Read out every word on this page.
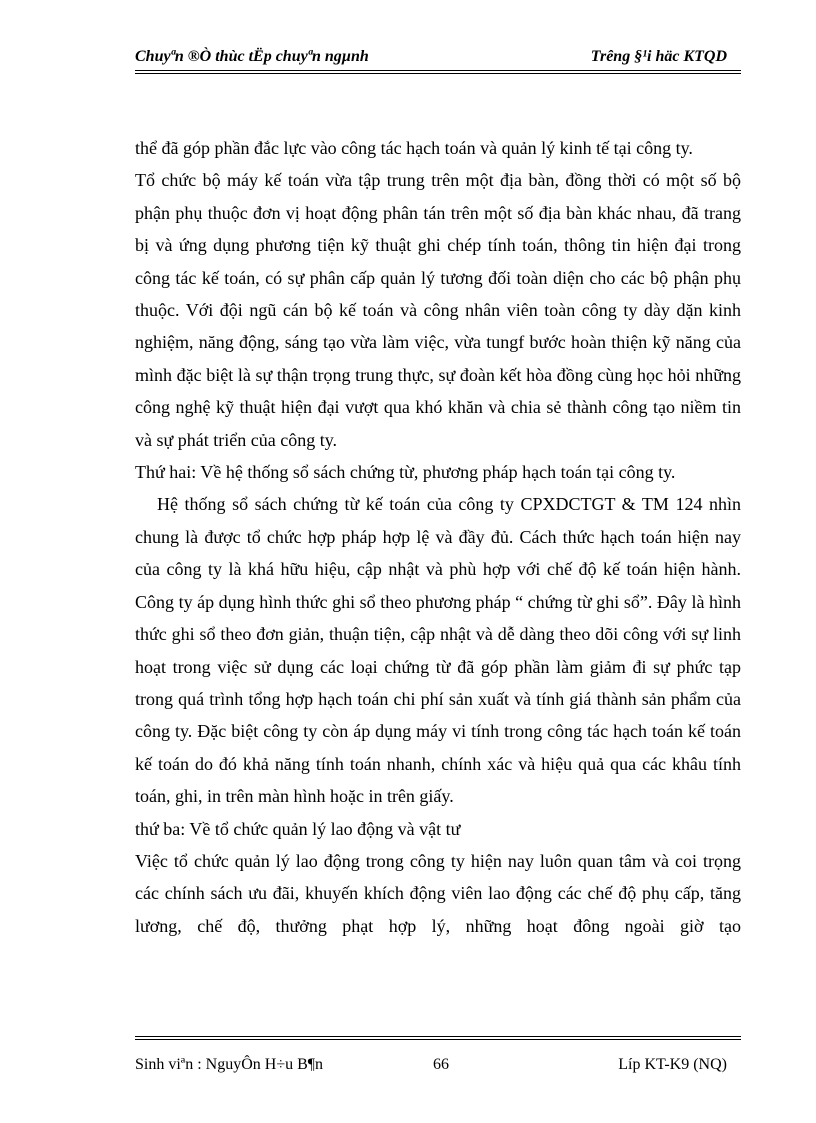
Chuyªn ®Ò thùc tËp chuyªn ngµnh	Trêng §¹i häc KTQD

thể đã góp phần đắc lực vào công tác hạch toán và quản lý kinh tế tại công ty.

Tổ chức bộ máy kế toán vừa tập trung trên một địa bàn, đồng thời có một số bộ phận phụ thuộc đơn vị hoạt động phân tán trên một số địa bàn khác nhau, đã trang bị và ứng dụng phương tiện kỹ thuật ghi chép tính toán, thông tin hiện đại trong công tác kế toán, có sự phân cấp quản lý tương đối toàn diện cho các bộ phận phụ thuộc. Với đội ngũ cán bộ kế toán và công nhân viên toàn công ty dày dặn kinh nghiệm, năng động, sáng tạo vừa làm việc, vừa tungf bước hoàn thiện kỹ năng của mình đặc biệt là sự thận trọng trung thực, sự đoàn kết hòa đồng cùng học hỏi những công nghệ kỹ thuật hiện đại vượt qua khó khăn và chia sẻ thành công tạo niềm tin và sự phát triển của công ty.

Thứ hai: Về hệ thống sổ sách chứng từ, phương pháp hạch toán tại công ty.

Hệ thống sổ sách chứng từ kế toán của công ty CPXDCTGT & TM 124 nhìn chung là được tổ chức hợp pháp hợp lệ và đầy đủ. Cách thức hạch toán hiện nay của công ty là khá hữu hiệu, cập nhật và phù hợp với chế độ kế toán hiện hành. Công ty áp dụng hình thức ghi sổ theo phương pháp “ chứng từ ghi sổ”. Đây là hình thức ghi sổ theo đơn giản, thuận tiện, cập nhật và dễ dàng theo dõi công với sự linh hoạt trong việc sử dụng các loại chứng từ đã góp phần làm giảm đi sự phức tạp trong quá trình tổng hợp hạch toán chi phí sản xuất và tính giá thành sản phẩm của công ty. Đặc biệt công ty còn áp dụng máy vi tính trong công tác hạch toán kế toán kế toán do đó khả năng tính toán nhanh, chính xác và hiệu quả qua các khâu tính toán, ghi, in trên màn hình hoặc in trên giấy.

thứ ba: Về tổ chức quản lý lao động và vật tư

Việc tổ chức quản lý lao động trong công ty hiện nay luôn quan tâm và coi trọng các chính sách ưu đãi, khuyến khích động viên lao động các chế độ phụ cấp, tăng lương, chế độ, thưởng phạt hợp lý, những hoạt đông ngoài giờ tạo

Sinh viªn : NguyÔn H÷u B¶n	66	Líp KT-K9 (NQ)
